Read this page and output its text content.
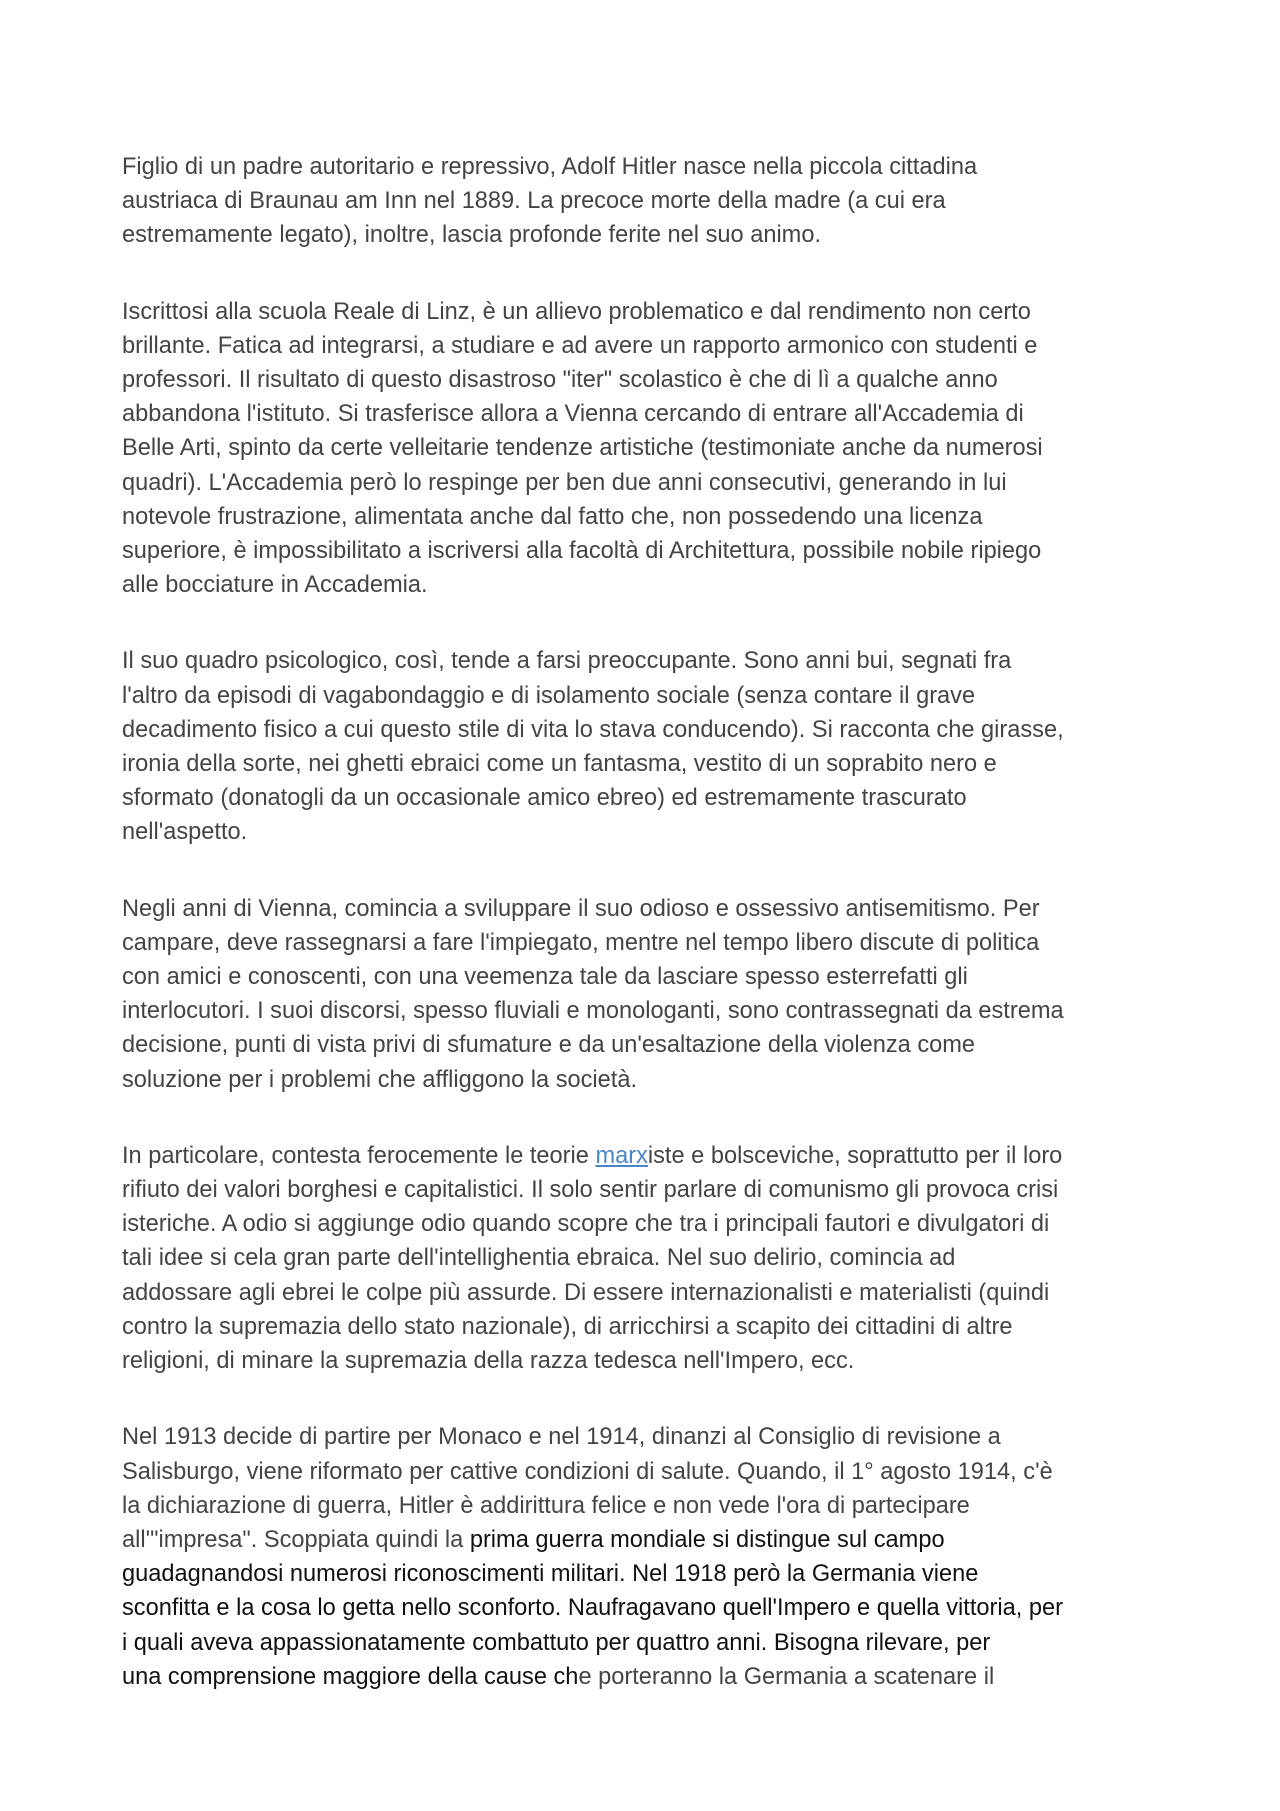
Figlio di un padre autoritario e repressivo, Adolf Hitler nasce nella piccola cittadina
austriaca di Braunau am Inn nel 1889. La precoce morte della madre (a cui era
estremamente legato), inoltre, lascia profonde ferite nel suo animo.

Iscrittosi alla scuola Reale di Linz, è un allievo problematico e dal rendimento non certo
brillante. Fatica ad integrarsi, a studiare e ad avere un rapporto armonico con studenti e
professori. Il risultato di questo disastroso "iter" scolastico è che di lì a qualche anno
abbandona l'istituto. Si trasferisce allora a Vienna cercando di entrare all'Accademia di
Belle Arti, spinto da certe velleitarie tendenze artistiche (testimoniate anche da numerosi
quadri). L'Accademia però lo respinge per ben due anni consecutivi, generando in lui
notevole frustrazione, alimentata anche dal fatto che, non possedendo una licenza
superiore, è impossibilitato a iscriversi alla facoltà di Architettura, possibile nobile ripiego
alle bocciature in Accademia.

Il suo quadro psicologico, così, tende a farsi preoccupante. Sono anni bui, segnati fra
l'altro da episodi di vagabondaggio e di isolamento sociale (senza contare il grave
decadimento fisico a cui questo stile di vita lo stava conducendo). Si racconta che girasse,
ironia della sorte, nei ghetti ebraici come un fantasma, vestito di un soprabito nero e
sformato (donatogli da un occasionale amico ebreo) ed estremamente trascurato
nell'aspetto.

Negli anni di Vienna, comincia a sviluppare il suo odioso e ossessivo antisemitismo. Per
campare, deve rassegnarsi a fare l'impiegato, mentre nel tempo libero discute di politica
con amici e conoscenti, con una veemenza tale da lasciare spesso esterrefatti gli
interlocutori. I suoi discorsi, spesso fluviali e monologanti, sono contrassegnati da estrema
decisione, punti di vista privi di sfumature e da un'esaltazione della violenza come
soluzione per i problemi che affliggono la società.

In particolare, contesta ferocemente le teorie marxiste e bolsceviche, soprattutto per il loro
rifiuto dei valori borghesi e capitalistici. Il solo sentir parlare di comunismo gli provoca crisi
isteriche. A odio si aggiunge odio quando scopre che tra i principali fautori e divulgatori di
tali idee si cela gran parte dell'intellighentia ebraica. Nel suo delirio, comincia ad
addossare agli ebrei le colpe più assurde. Di essere internazionalisti e materialisti (quindi
contro la supremazia dello stato nazionale), di arricchirsi a scapito dei cittadini di altre
religioni, di minare la supremazia della razza tedesca nell'Impero, ecc.

Nel 1913 decide di partire per Monaco e nel 1914, dinanzi al Consiglio di revisione a
Salisburgo, viene riformato per cattive condizioni di salute. Quando, il 1° agosto 1914, c'è
la dichiarazione di guerra, Hitler è addirittura felice e non vede l'ora di partecipare
all'"impresa". Scoppiata quindi la prima guerra mondiale si distingue sul campo
guadagnandosi numerosi riconoscimenti militari. Nel 1918 però la Germania viene
sconfitta e la cosa lo getta nello sconforto. Naufragavano quell'Impero e quella vittoria, per
i quali aveva appassionatamente combattuto per quattro anni. Bisogna rilevare, per
una comprensione maggiore della cause che porteranno la Germania a scatenare il
